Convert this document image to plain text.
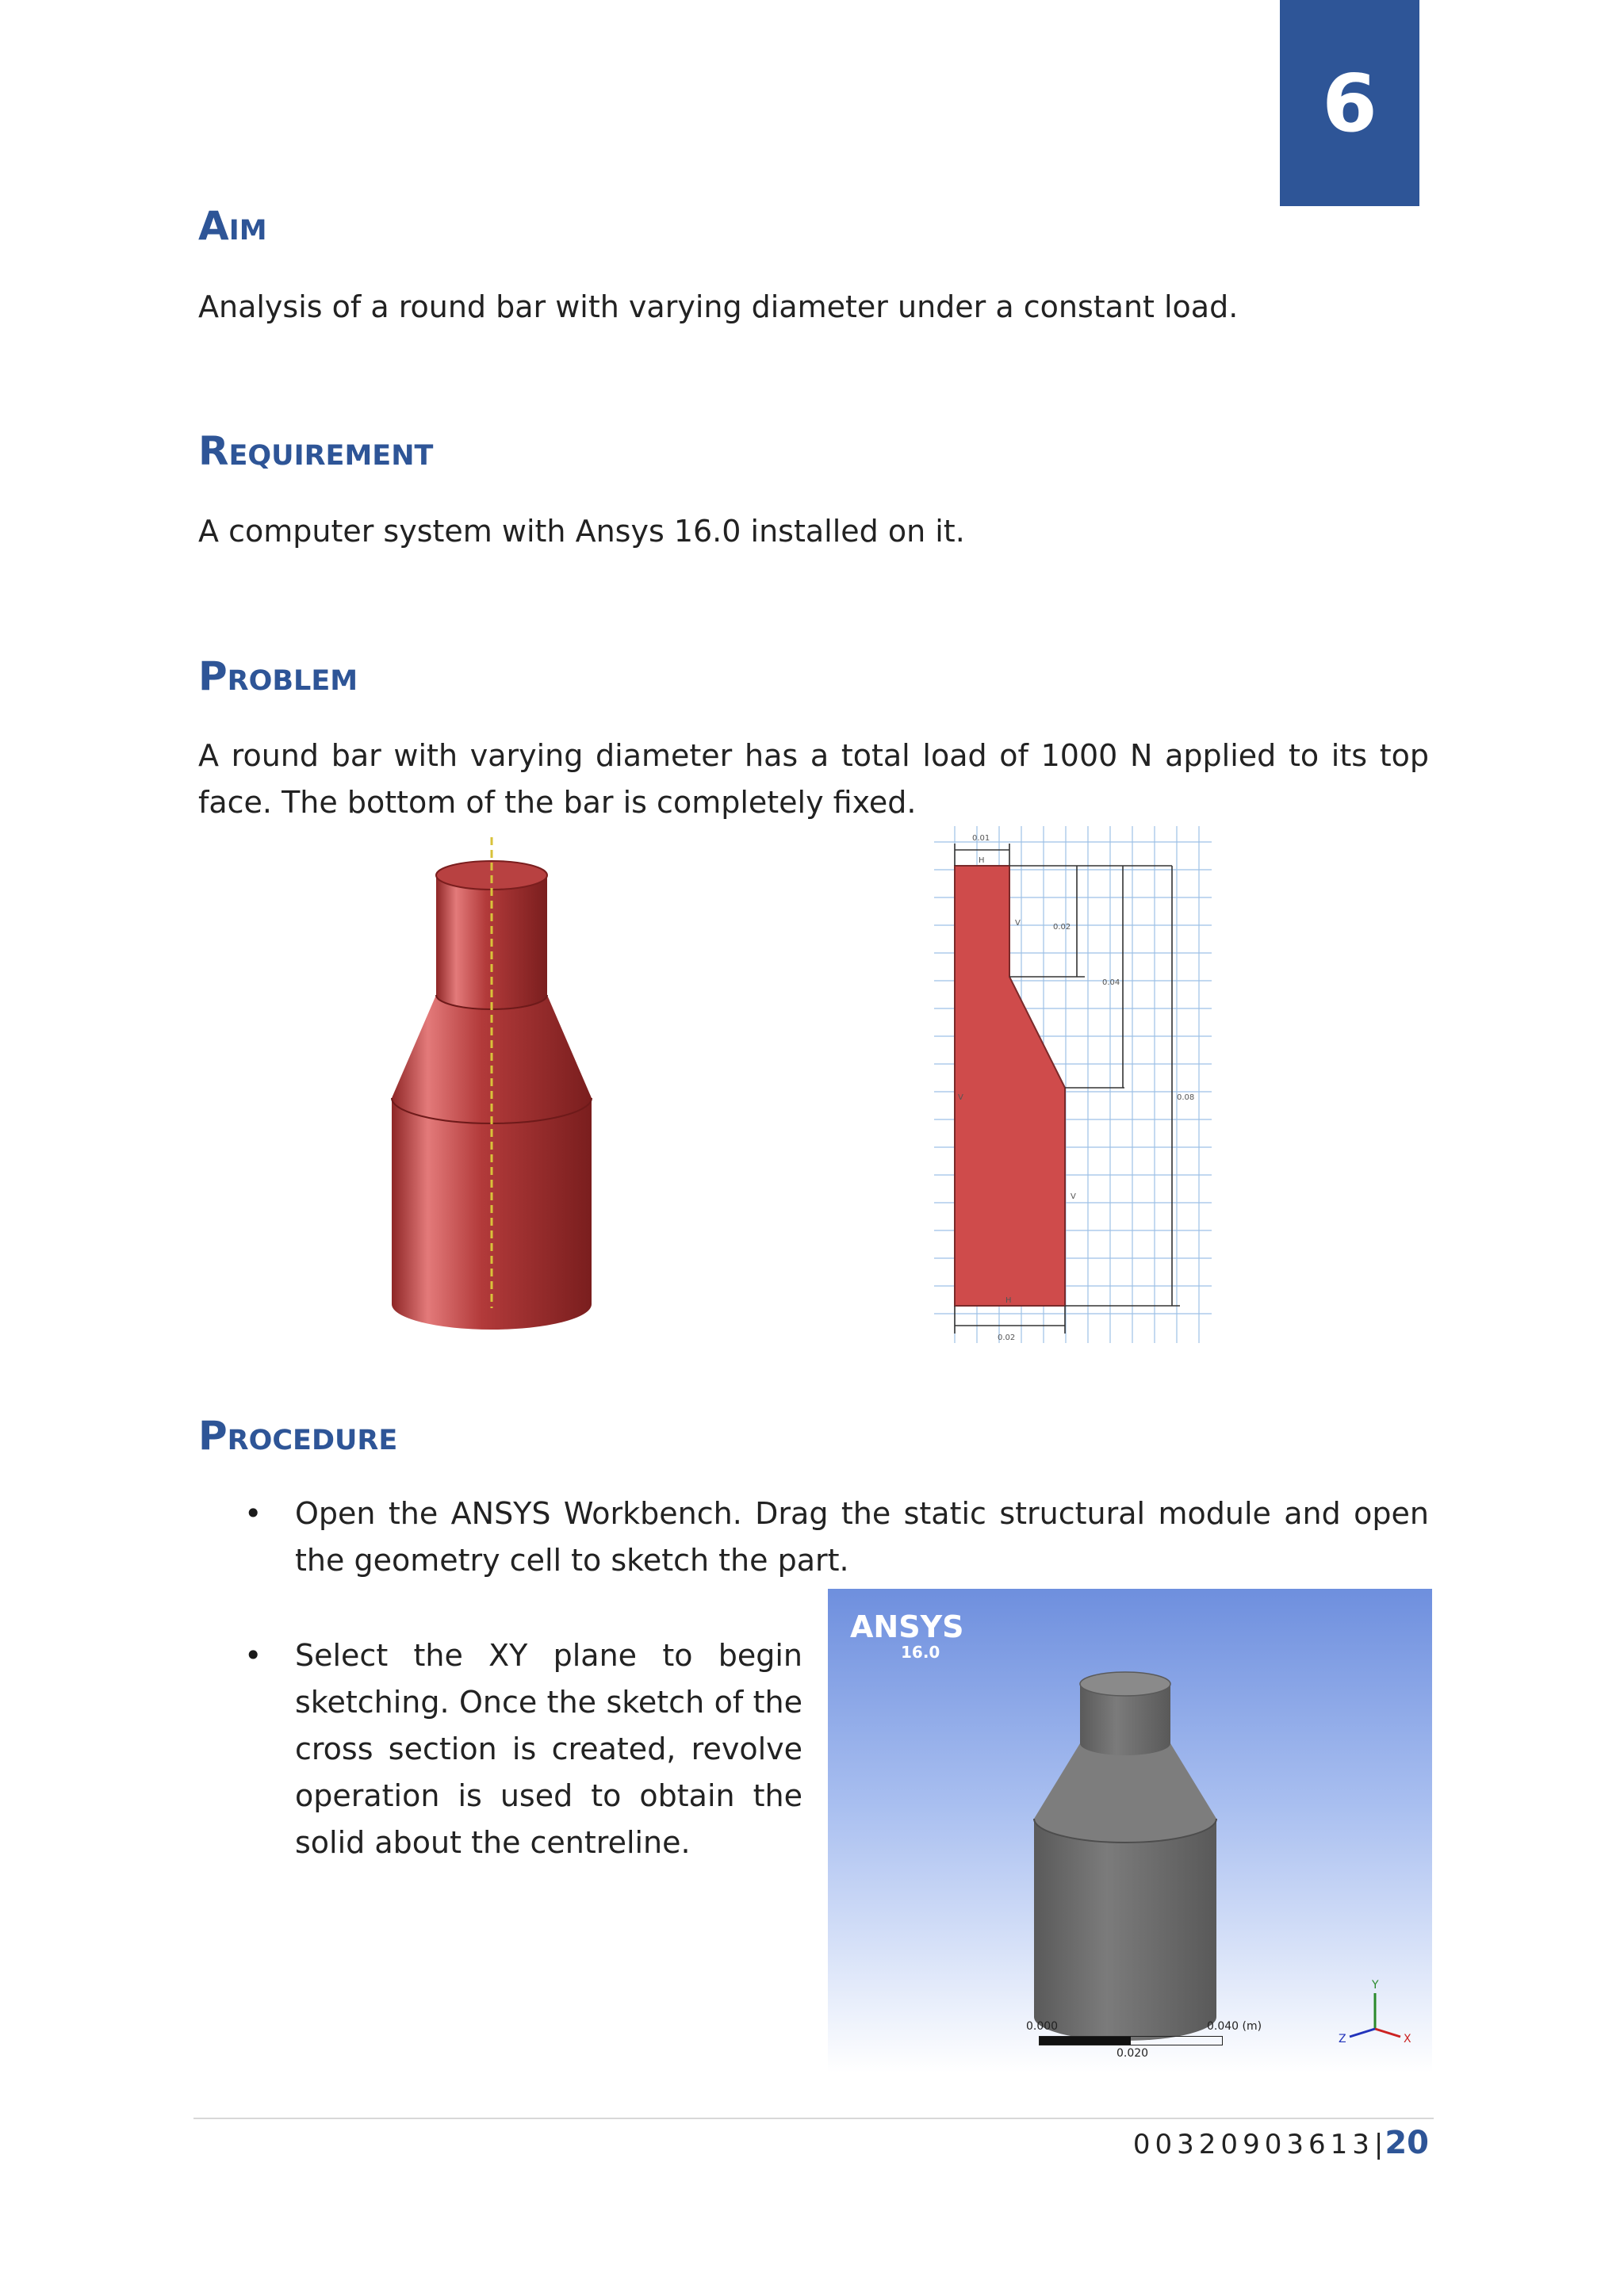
6
Aim

Analysis of a round bar with varying diameter under a constant load.

Requirement

A computer system with Ansys 16.0 installed on it.

Problem

A round bar with varying diameter has a total load of 1000 N applied to its top face. The bottom of the bar is completely fixed.

0.01
0.02
0.04
0.08
0.02
V
V
V
H
H
Procedure
• Open the ANSYS Workbench. Drag the static structural module and open the geometry cell to sketch the part.

• Select the XY plane to begin sketching. Once the sketch of the cross section is created, revolve operation is used to obtain the solid about the centreline.

ANSYS
16.0
0.000	0.040 (m)
0.020
Y
X
Z
00320903613 | 20
